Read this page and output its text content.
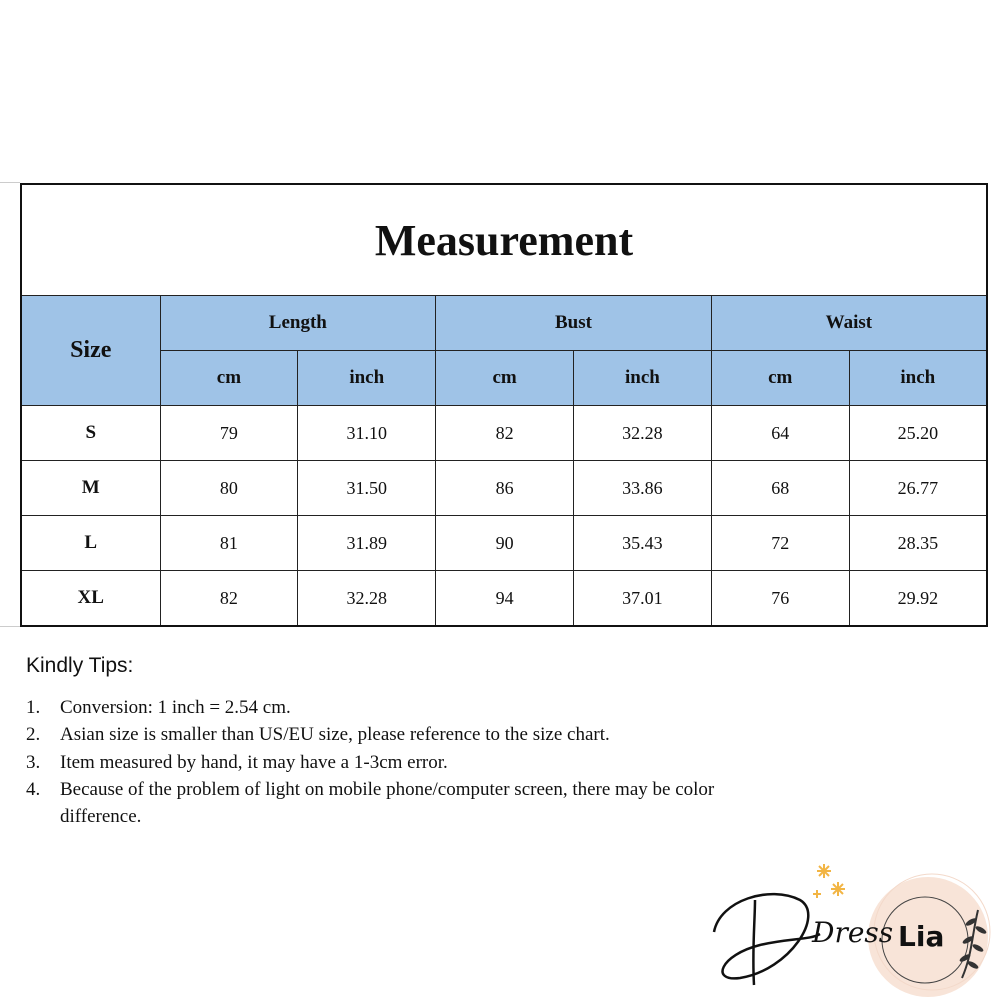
Measurement						
Size	Length		Bust		Waist	
	cm	inch	cm	inch	cm	inch
S	79	31.10	82	32.28	64	25.20
M	80	31.50	86	33.86	68	26.77
L	81	31.89	90	35.43	72	28.35
XL	82	32.28	94	37.01	76	29.92
Kindly Tips:
1.	Conversion: 1 inch = 2.54 cm.
2.	Asian size is smaller than US/EU size, please reference to the size chart.
3.	Item measured by hand, it may have a 1-3cm error.
4.	Because of the problem of light on mobile phone/computer screen, there may be color difference.
Dress Lia
